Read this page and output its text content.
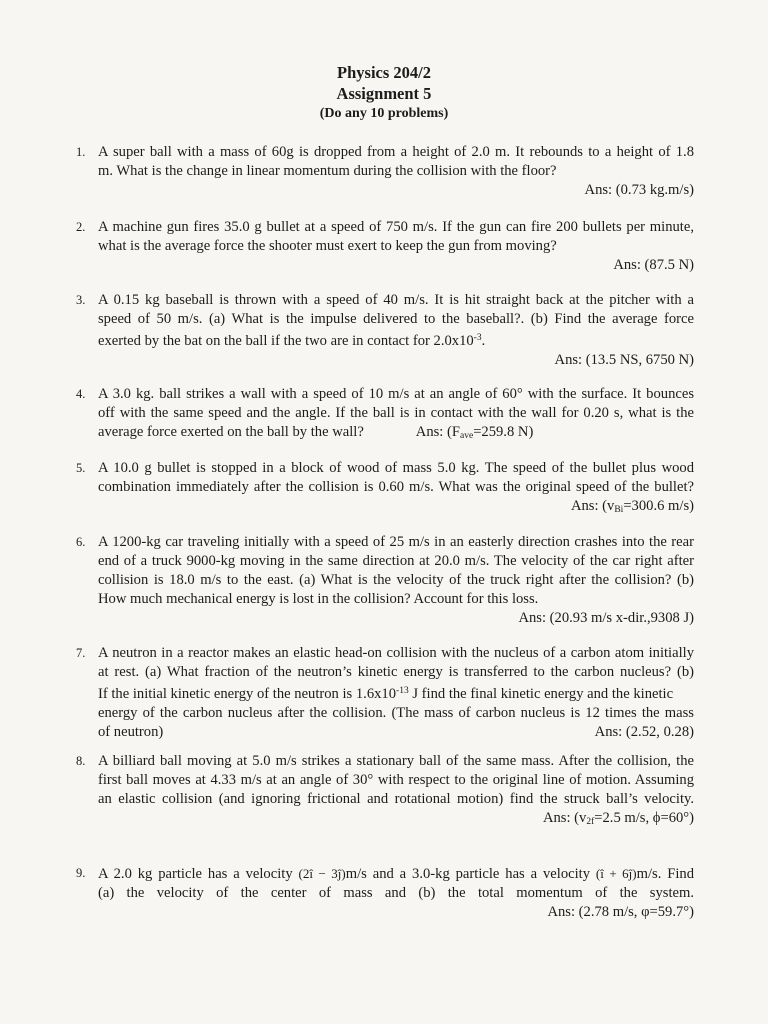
Physics 204/2
Assignment 5
(Do any 10 problems)
1. A super ball with a mass of 60g is dropped from a height of 2.0 m. It rebounds to a height of 1.8
m. What is the change in linear momentum during the collision with the floor?
Ans: (0.73 kg.m/s)
2. A machine gun fires 35.0 g bullet at a speed of 750 m/s. If the gun can fire 200 bullets per minute,
what is the average force the shooter must exert to keep the gun from moving?
Ans: (87.5 N)
3. A 0.15 kg baseball is thrown with a speed of 40 m/s. It is hit straight back at the pitcher with a
speed of 50 m/s. (a) What is the impulse delivered to the baseball?. (b) Find the average force
exerted by the bat on the ball if the two are in contact for $2.0x10^{-3}$.
Ans: (13.5 NS, 6750 N)
4. A 3.0 kg. ball strikes a wall with a speed of 10 m/s at an angle of 60° with the surface. It bounces
off with the same speed and the angle. If the ball is in contact with the wall for 0.20 s, what is the
average force exerted on the ball by the wall?	Ans: ($F_{ave}=259.8$ N)
5. A 10.0 g bullet is stopped in a block of wood of mass 5.0 kg. The speed of the bullet plus wood
combination immediately after the collision is 0.60 m/s. What was the original speed of the bullet?
Ans: ($v_{Bi}=300.6$ m/s)
6. A 1200-kg car traveling initially with a speed of 25 m/s in an easterly direction crashes into the rear
end of a truck 9000-kg moving in the same direction at 20.0 m/s. The velocity of the car right after
collision is 18.0 m/s to the east. (a) What is the velocity of the truck right after the collision? (b)
How much mechanical energy is lost in the collision? Account for this loss.
Ans: (20.93 m/s x-dir.,9308 J)
7. A neutron in a reactor makes an elastic head-on collision with the nucleus of a carbon atom initially
at rest. (a) What fraction of the neutron’s kinetic energy is transferred to the carbon nucleus? (b)
If the initial kinetic energy of the neutron is $1.6x10^{-13}$ J find the final kinetic energy and the kinetic
energy of the carbon nucleus after the collision. (The mass of carbon nucleus is 12 times the mass
of neutron)	Ans: (2.52, 0.28)
8. A billiard ball moving at 5.0 m/s strikes a stationary ball of the same mass. After the collision, the
first ball moves at 4.33 m/s at an angle of 30° with respect to the original line of motion. Assuming
an elastic collision (and ignoring frictional and rotational motion) find the struck ball’s velocity.
Ans: ($v_{2f}=2.5$ m/s, ϕ=60°)
9. A 2.0 kg particle has a velocity (2î − 3ĵ)m/s and a 3.0-kg particle has a velocity (î + 6ĵ)m/s. Find
(a) the velocity of the center of mass and (b) the total momentum of the system.
Ans: (2.78 m/s, φ=59.7°)
